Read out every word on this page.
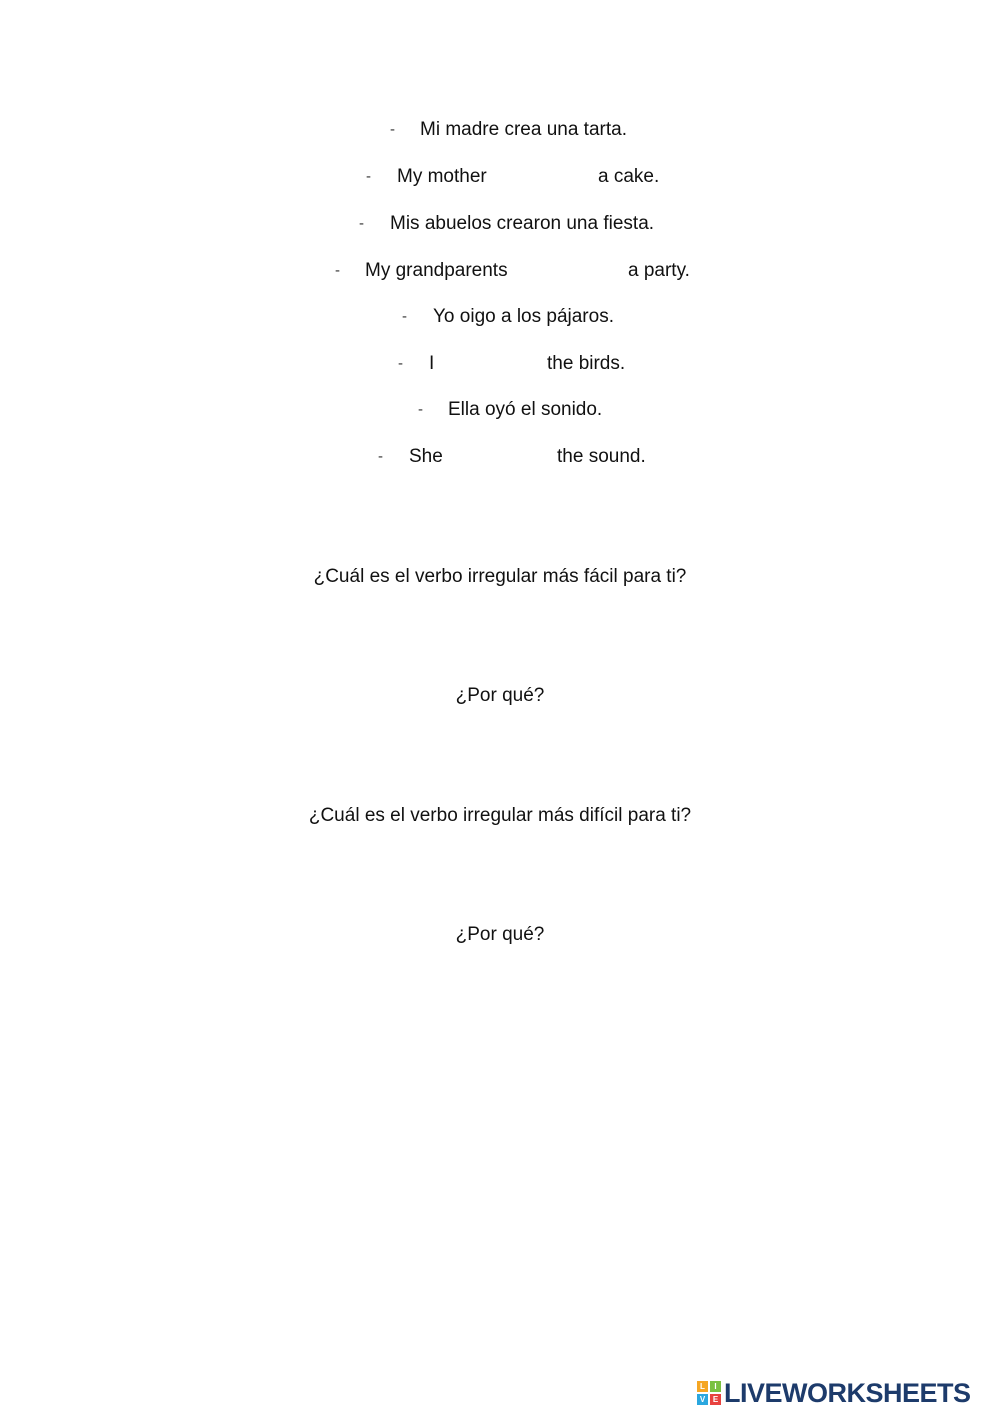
- Mi madre crea una tarta.
- My mother	a cake.
- Mis abuelos crearon una fiesta.
- My grandparents	a party.
- Yo oigo a los pájaros.
- I	the birds.
- Ella oyó el sonido.
- She	the sound.
¿Cuál es el verbo irregular más fácil para ti?
¿Por qué?
¿Cuál es el verbo irregular más difícil para ti?
¿Por qué?
L	I
V E LIVEWORKSHEETS
